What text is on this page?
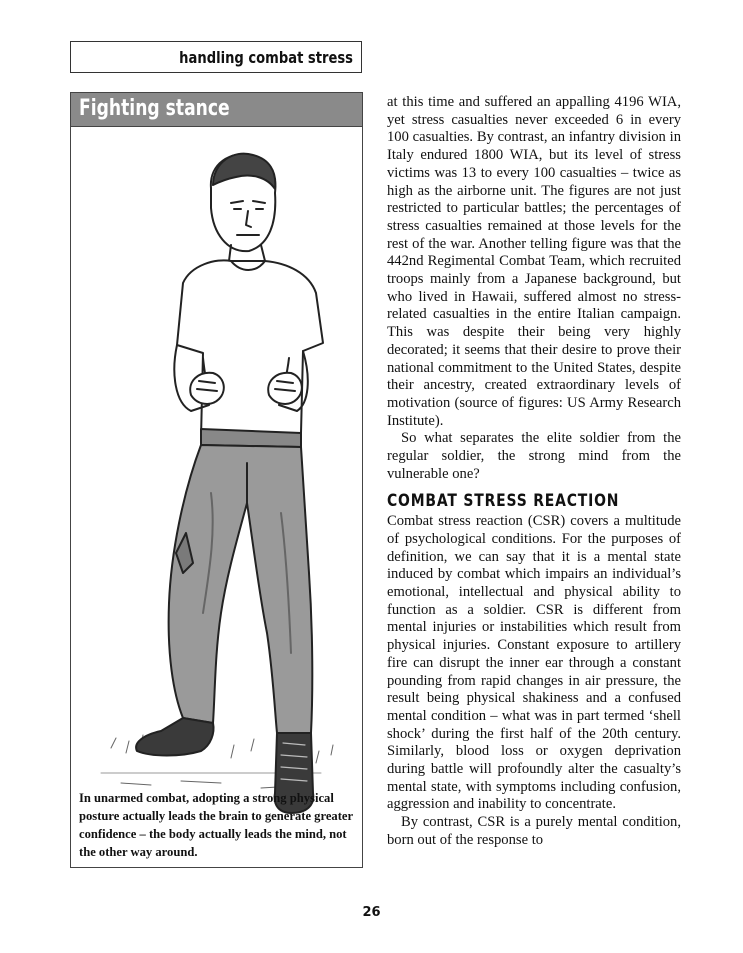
handling combat stress
Fighting stance
In unarmed combat, adopting a strong physical posture actually leads the brain to generate greater confidence – the body actually leads the mind, not the other way around.

at this time and suffered an appalling 4196 WIA, yet stress casualties never exceeded 6 in every 100 casualties. By contrast, an infantry division in Italy endured 1800 WIA, but its level of stress victims was 13 to every 100 casualties – twice as high as the airborne unit. The figures are not just restricted to particular battles; the percentages of stress casualties remained at those levels for the rest of the war. Another telling figure was that the 442nd Regimental Combat Team, which recruited troops mainly from a Japanese background, but who lived in Hawaii, suffered almost no stress-related casualties in the entire Italian campaign. This was despite their being very highly decorated; it seems that their desire to prove their national commitment to the United States, despite their ancestry, created extraordinary levels of motivation (source of figures: US Army Research Institute).

So what separates the elite soldier from the regular soldier, the strong mind from the vulnerable one?

COMBAT STRESS REACTION

Combat stress reaction (CSR) covers a multitude of psychological conditions. For the purposes of definition, we can say that it is a mental state induced by combat which impairs an individual’s emotional, intellectual and physical ability to function as a soldier. CSR is different from mental injuries or instabilities which result from physical injuries. Constant exposure to artillery fire can disrupt the inner ear through a constant pounding from rapid changes in air pressure, the result being physical shakiness and a confused mental condition – what was in part termed ‘shell shock’ during the first half of the 20th century. Similarly, blood loss or oxygen deprivation during battle will profoundly alter the casualty’s mental state, with symptoms including confusion, aggression and inability to concentrate.

By contrast, CSR is a purely mental condition, born out of the response to

26
